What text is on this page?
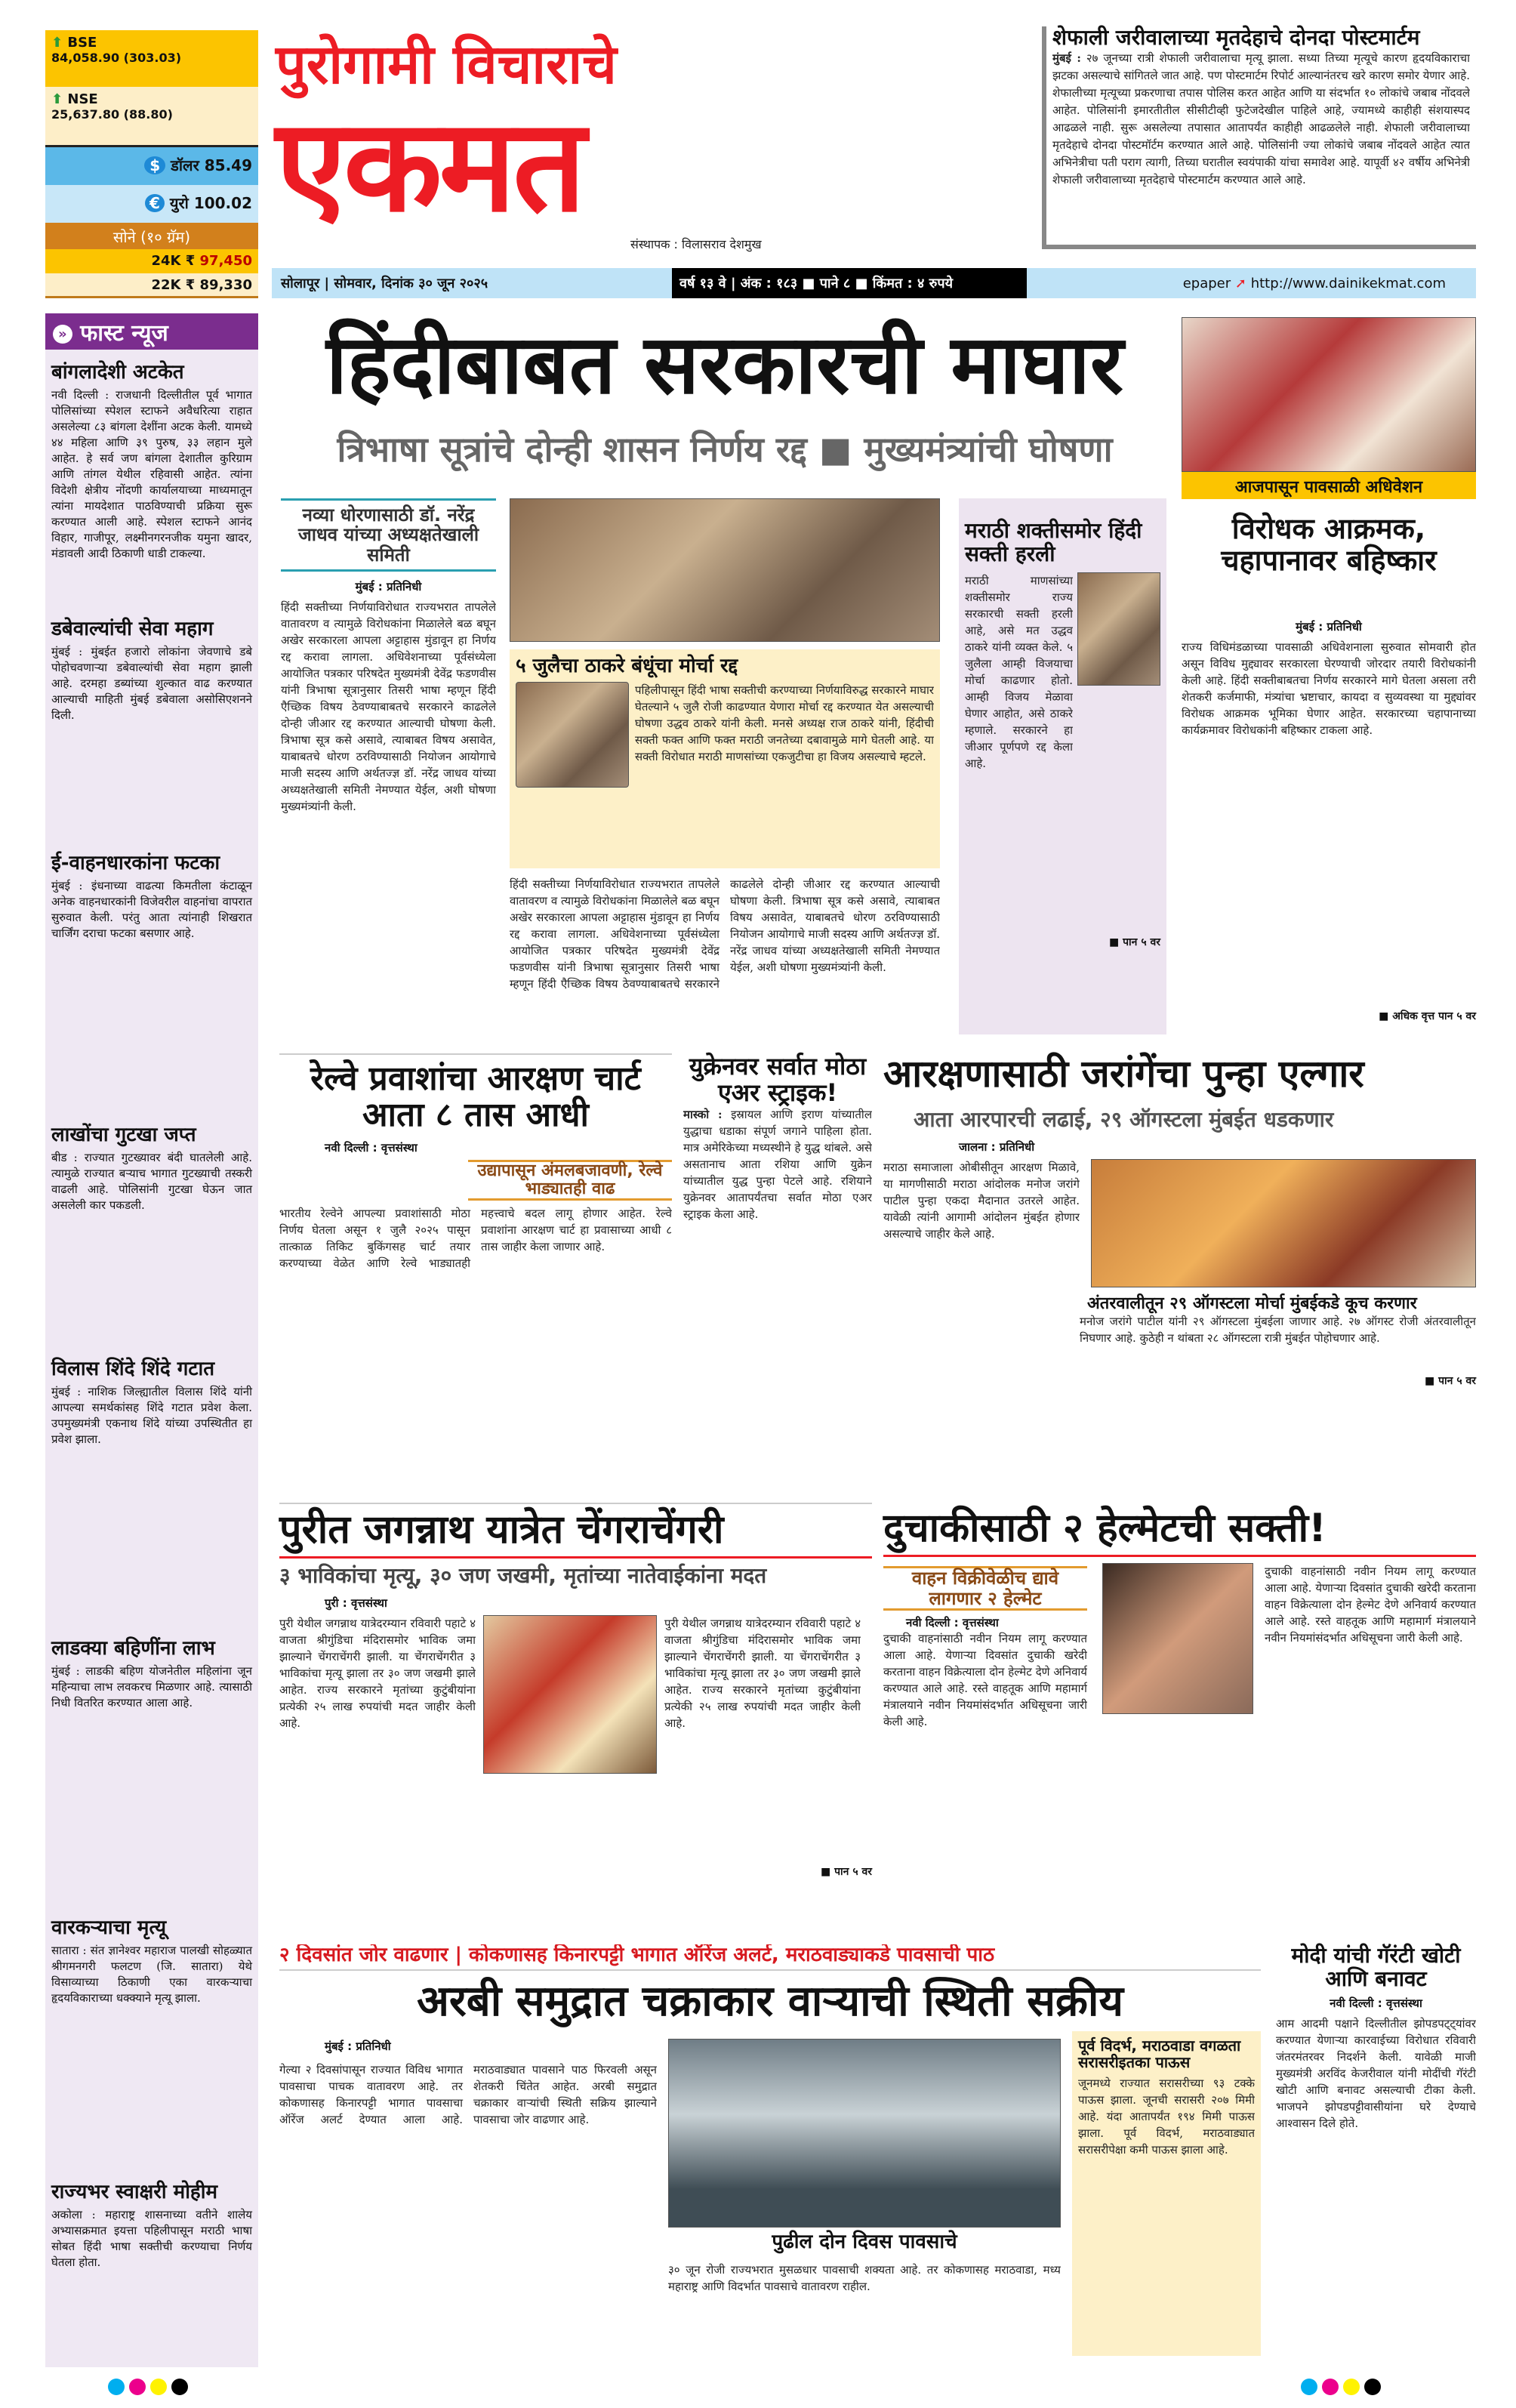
⬆ BSE
84,058.90 (303.03)
⬆ NSE
25,637.80 (88.80)
$ डॉलर 85.49
€ युरो 100.02
सोने (१० ग्रॅम)
24K ₹ 97,450
22K ₹ 89,330
पुरोगामी विचाराचे
एकमत
संस्थापक : विलासराव देशमुख
शेफाली जरीवालाच्या मृतदेहाचे दोनदा पोस्टमार्टम
मुंबई : २७ जूनच्या रात्री शेफाली जरीवालाचा मृत्यू झाला. सध्या तिच्या मृत्यूचे कारण हृदयविकाराचा झटका असल्याचे सांगितले जात आहे. पण पोस्टमार्टम रिपोर्ट आल्यानंतरच खरे कारण समोर येणार आहे. शेफालीच्या मृत्यूच्या प्रकरणाचा तपास पोलिस करत आहेत आणि या संदर्भात १० लोकांचे जबाब नोंदवले आहेत. पोलिसांनी इमारतीतील सीसीटीव्ही फुटेजदेखील पाहिले आहे, ज्यामध्ये काहीही संशयास्पद आढळले नाही. सुरू असलेल्या तपासात आतापर्यंत काहीही आढळलेले नाही. शेफाली जरीवालाच्या मृतदेहाचे दोनदा पोस्टमॉर्टम करण्यात आले आहे. पोलिसांनी ज्या लोकांचे जबाब नोंदवले आहेत त्यात अभिनेत्रीचा पती पराग त्यागी, तिच्या घरातील स्वयंपाकी यांचा समावेश आहे. यापूर्वी ४२ वर्षीय अभिनेत्री शेफाली जरीवालाच्या मृतदेहाचे पोस्टमार्टम करण्यात आले आहे.
सोलापूर | सोमवार, दिनांक ३० जून २०२५	वर्ष १३ वे | अंक : १८३ ■ पाने ८ ■ किंमत : ४ रुपये	epaper ➚ http://www.dainikekmat.com
» फास्ट न्यूज
बांगलादेशी अटकेत

नवी दिल्ली : राजधानी दिल्लीतील पूर्व भागात पोलिसांच्या स्पेशल स्टाफने अवैधरित्या राहात असलेल्या ८३ बांगला देशींना अटक केली. यामध्ये ४४ महिला आणि ३९ पुरुष, ३३ लहान मुले आहेत. हे सर्व जण बांगला देशातील कुरिग्राम आणि तांगल येथील रहिवासी आहेत. त्यांना विदेशी क्षेत्रीय नोंदणी कार्यालयाच्या माध्यमातून त्यांना मायदेशात पाठविण्याची प्रक्रिया सुरू करण्यात आली आहे. स्पेशल स्टाफने आनंद विहार, गाजीपूर, लक्ष्मीनगरनजीक यमुना खादर, मंडावली आदी ठिकाणी धाडी टाकल्या.

डबेवाल्यांची सेवा महाग

मुंबई : मुंबईत हजारो लोकांना जेवणाचे डबे पोहोचवणाऱ्या डबेवाल्यांची सेवा महाग झाली आहे. दरमहा डब्यांच्या शुल्कात वाढ करण्यात आल्याची माहिती मुंबई डबेवाला असोसिएशनने दिली.

ई-वाहनधारकांना फटका

मुंबई : इंधनाच्या वाढत्या किमतीला कंटाळून अनेक वाहनधारकांनी विजेवरील वाहनांचा वापरात सुरुवात केली. परंतु आता त्यांनाही शिखरात चार्जिंग दराचा फटका बसणार आहे.

लाखोंचा गुटखा जप्त

बीड : राज्यात गुटख्यावर बंदी घातलेली आहे. त्यामुळे राज्यात बऱ्याच भागात गुटख्याची तस्करी वाढली आहे. पोलिसांनी गुटखा घेऊन जात असलेली कार पकडली.

विलास शिंदे शिंदे गटात

मुंबई : नाशिक जिल्ह्यातील विलास शिंदे यांनी आपल्या समर्थकांसह शिंदे गटात प्रवेश केला. उपमुख्यमंत्री एकनाथ शिंदे यांच्या उपस्थितीत हा प्रवेश झाला.

लाडक्या बहिणींना लाभ

मुंबई : लाडकी बहिण योजनेतील महिलांना जून महिन्याचा लाभ लवकरच मिळणार आहे. त्यासाठी निधी वितरित करण्यात आला आहे.

वारकऱ्याचा मृत्यू

सातारा : संत ज्ञानेश्वर महाराज पालखी सोहळ्यात श्रीगमनगरी फलटण (जि. सातारा) येथे विसाव्याच्या ठिकाणी एका वारकऱ्याचा हृदयविकाराच्या धक्क्याने मृत्यू झाला.

राज्यभर स्वाक्षरी मोहीम

अकोला : महाराष्ट्र शासनाच्या वतीने शालेय अभ्यासक्रमात इयत्ता पहिलीपासून मराठी भाषा सोबत हिंदी भाषा सक्तीची करण्याचा निर्णय घेतला होता.

हिंदीबाबत सरकारची माघार
त्रिभाषा सूत्रांचे दोन्ही शासन निर्णय रद्द ■ मुख्यमंत्र्यांची घोषणा
नव्या धोरणासाठी डॉ. नरेंद्र जाधव यांच्या अध्यक्षतेखाली समिती
मुंबई : प्रतिनिधी
हिंदी सक्तीच्या निर्णयाविरोधात राज्यभरात तापलेले वातावरण व त्यामुळे विरोधकांना मिळालेले बळ बघून अखेर सरकारला आपला अट्टाहास मुंडावून हा निर्णय रद्द करावा लागला. अधिवेशनाच्या पूर्वसंध्येला आयोजित पत्रकार परिषदेत मुख्यमंत्री देवेंद्र फडणवीस यांनी त्रिभाषा सूत्रानुसार तिसरी भाषा म्हणून हिंदी एैच्छिक विषय ठेवण्याबाबतचे सरकारने काढलेले दोन्ही जीआर रद्द करण्यात आल्याची घोषणा केली. त्रिभाषा सूत्र कसे असावे, त्याबाबत विषय असावेत, याबाबतचे धोरण ठरविण्यासाठी नियोजन आयोगाचे माजी सदस्य आणि अर्थतज्ज्ञ डॉ. नरेंद्र जाधव यांच्या अध्यक्षतेखाली समिती नेमण्यात येईल, अशी घोषणा मुख्यमंत्र्यांनी केली.
५ जुलैचा ठाकरे बंधूंचा मोर्चा रद्द
पहिलीपासून हिंदी भाषा सक्तीची करण्याच्या निर्णयाविरुद्ध सरकारने माघार घेतल्याने ५ जुलै रोजी काढण्यात येणारा मोर्चा रद्द करण्यात येत असल्याची घोषणा उद्धव ठाकरे यांनी केली. मनसे अध्यक्ष राज ठाकरे यांनी, हिंदीची सक्ती फक्त आणि फक्त मराठी जनतेच्या दबावामुळे मागे घेतली आहे. या सक्ती विरोधात मराठी माणसांच्या एकजुटीचा हा विजय असल्याचे म्हटले.
हिंदी सक्तीच्या निर्णयाविरोधात राज्यभरात तापलेले वातावरण व त्यामुळे विरोधकांना मिळालेले बळ बघून अखेर सरकारला आपला अट्टाहास मुंडावून हा निर्णय रद्द करावा लागला. अधिवेशनाच्या पूर्वसंध्येला आयोजित पत्रकार परिषदेत मुख्यमंत्री देवेंद्र फडणवीस यांनी त्रिभाषा सूत्रानुसार तिसरी भाषा म्हणून हिंदी एैच्छिक विषय ठेवण्याबाबतचे सरकारने काढलेले दोन्ही जीआर रद्द करण्यात आल्याची घोषणा केली. त्रिभाषा सूत्र कसे असावे, त्याबाबत विषय असावेत, याबाबतचे धोरण ठरविण्यासाठी नियोजन आयोगाचे माजी सदस्य आणि अर्थतज्ज्ञ डॉ. नरेंद्र जाधव यांच्या अध्यक्षतेखाली समिती नेमण्यात येईल, अशी घोषणा मुख्यमंत्र्यांनी केली.
मराठी शक्तीसमोर हिंदी सक्ती हरली
मराठी माणसांच्या शक्तीसमोर राज्य सरकारची सक्ती हरली आहे, असे मत उद्धव ठाकरे यांनी व्यक्त केले. ५ जुलैला आम्ही विजयाचा मोर्चा काढणार होतो. आम्ही विजय मेळावा घेणार आहोत, असे ठाकरे म्हणाले. सरकारने हा जीआर पूर्णपणे रद्द केला आहे.
■ पान ५ वर
आजपासून पावसाळी अधिवेशन
विरोधक आक्रमक, चहापानावर बहिष्कार
मुंबई : प्रतिनिधी
राज्य विधिमंडळाच्या पावसाळी अधिवेशनाला सुरुवात सोमवारी होत असून विविध मुद्द्यावर सरकारला घेरण्याची जोरदार तयारी विरोधकांनी केली आहे. हिंदी सक्तीबाबतचा निर्णय सरकारने मागे घेतला असला तरी शेतकरी कर्जमाफी, मंत्र्यांचा भ्रष्टाचार, कायदा व सुव्यवस्था या मुद्द्यांवर विरोधक आक्रमक भूमिका घेणार आहेत. सरकारच्या चहापानाच्या कार्यक्रमावर विरोधकांनी बहिष्कार टाकला आहे.
■ अधिक वृत्त पान ५ वर
रेल्वे प्रवाशांचा आरक्षण चार्ट आता ८ तास आधी
नवी दिल्ली : वृत्तसंस्था
उद्यापासून अंमलबजावणी, रेल्वे भाड्यातही वाढ
भारतीय रेल्वेने आपल्या प्रवाशांसाठी मोठा निर्णय घेतला असून १ जुलै २०२५ पासून तात्काळ तिकिट बुकिंगसह चार्ट तयार करण्याच्या वेळेत आणि रेल्वे भाड्यातही महत्त्वाचे बदल लागू होणार आहेत. रेल्वे प्रवाशांना आरक्षण चार्ट हा प्रवासाच्या आधी ८ तास जाहीर केला जाणार आहे.
युक्रेनवर सर्वात मोठा एअर स्ट्राइक!
मास्को : इस्रायल आणि इराण यांच्यातील युद्धाचा धडाका संपूर्ण जगाने पाहिला होता. मात्र अमेरिकेच्या मध्यस्थीने हे युद्ध थांबले. असे असतानाच आता रशिया आणि युक्रेन यांच्यातील युद्ध पुन्हा पेटले आहे. रशियाने युक्रेनवर आतापर्यंतचा सर्वात मोठा एअर स्ट्राइक केला आहे.
आरक्षणासाठी जरांगेंचा पुन्हा एल्गार
आता आरपारची लढाई, २९ ऑगस्टला मुंबईत धडकणार
जालना : प्रतिनिधी
मराठा समाजाला ओबीसीतून आरक्षण मिळावे, या मागणीसाठी मराठा आंदोलक मनोज जरांगे पाटील पुन्हा एकदा मैदानात उतरले आहेत. यावेळी त्यांनी आगामी आंदोलन मुंबईत होणार असल्याचे जाहीर केले आहे.
अंतरवालीतून २९ ऑगस्टला मोर्चा मुंबईकडे कूच करणार
मनोज जरांगे पाटील यांनी २९ ऑगस्टला मुंबईला जाणार आहे. २७ ऑगस्ट रोजी अंतरवालीतून निघणार आहे. कुठेही न थांबता २८ ऑगस्टला रात्री मुंबईत पोहोचणार आहे.
■ पान ५ वर
पुरीत जगन्नाथ यात्रेत चेंगराचेंगरी
३ भाविकांचा मृत्यू, ३० जण जखमी, मृतांच्या नातेवाईकांना मदत
पुरी : वृत्तसंस्था
पुरी येथील जगन्नाथ यात्रेदरम्यान रविवारी पहाटे ४ वाजता श्रीगुंडिचा मंदिरासमोर भाविक जमा झाल्याने चेंगराचेंगरी झाली. या चेंगराचेंगरीत ३ भाविकांचा मृत्यू झाला तर ३० जण जखमी झाले आहेत. राज्य सरकारने मृतांच्या कुटुंबीयांना प्रत्येकी २५ लाख रुपयांची मदत जाहीर केली आहे.
पुरी येथील जगन्नाथ यात्रेदरम्यान रविवारी पहाटे ४ वाजता श्रीगुंडिचा मंदिरासमोर भाविक जमा झाल्याने चेंगराचेंगरी झाली. या चेंगराचेंगरीत ३ भाविकांचा मृत्यू झाला तर ३० जण जखमी झाले आहेत. राज्य सरकारने मृतांच्या कुटुंबीयांना प्रत्येकी २५ लाख रुपयांची मदत जाहीर केली आहे.
■ पान ५ वर
दुचाकीसाठी २ हेल्मेटची सक्ती!
वाहन विक्रीवेळीच द्यावे लागणार २ हेल्मेट
नवी दिल्ली : वृत्तसंस्था
दुचाकी वाहनांसाठी नवीन नियम लागू करण्यात आला आहे. येणाऱ्या दिवसांत दुचाकी खरेदी करताना वाहन विक्रेत्याला दोन हेल्मेट देणे अनिवार्य करण्यात आले आहे. रस्ते वाहतूक आणि महामार्ग मंत्रालयाने नवीन नियमांसंदर्भात अधिसूचना जारी केली आहे.
दुचाकी वाहनांसाठी नवीन नियम लागू करण्यात आला आहे. येणाऱ्या दिवसांत दुचाकी खरेदी करताना वाहन विक्रेत्याला दोन हेल्मेट देणे अनिवार्य करण्यात आले आहे. रस्ते वाहतूक आणि महामार्ग मंत्रालयाने नवीन नियमांसंदर्भात अधिसूचना जारी केली आहे.
२ दिवसांत जोर वाढणार | कोकणासह किनारपट्टी भागात ऑरेंज अलर्ट, मराठवाड्याकडे पावसाची पाठ
अरबी समुद्रात चक्राकार वाऱ्याची स्थिती सक्रीय
मुंबई : प्रतिनिधी
गेल्या २ दिवसांपासून राज्यात विविध भागात पावसाचा पाचक वातावरण आहे. तर कोकणासह किनारपट्टी भागात पावसाचा ऑरेंज अलर्ट देण्यात आला आहे. मराठवाड्यात पावसाने पाठ फिरवली असून शेतकरी चिंतेत आहेत. अरबी समुद्रात चक्राकार वाऱ्यांची स्थिती सक्रिय झाल्याने पावसाचा जोर वाढणार आहे.
पुढील दोन दिवस पावसाचे
३० जून रोजी राज्यभरात मुसळधार पावसाची शक्यता आहे. तर कोकणासह मराठवाडा, मध्य महाराष्ट्र आणि विदर्भात पावसाचे वातावरण राहील.
पूर्व विदर्भ, मराठवाडा वगळता सरासरीइतका पाऊस
जूनमध्ये राज्यात सरासरीच्या ९३ टक्के पाऊस झाला. जूनची सरासरी २०७ मिमी आहे. यंदा आतापर्यंत १९४ मिमी पाऊस झाला. पूर्व विदर्भ, मराठवाड्यात सरासरीपेक्षा कमी पाऊस झाला आहे.
मोदी यांची गॅरंटी खोटी आणि बनावट
नवी दिल्ली : वृत्तसंस्था
आम आदमी पक्षाने दिल्लीतील झोपडपट्ट्यांवर करण्यात येणाऱ्या कारवाईच्या विरोधात रविवारी जंतरमंतरवर निदर्शने केली. यावेळी माजी मुख्यमंत्री अरविंद केजरीवाल यांनी मोदींची गॅरंटी खोटी आणि बनावट असल्याची टीका केली. भाजपने झोपडपट्टीवासीयांना घरे देण्याचे आश्वासन दिले होते.
